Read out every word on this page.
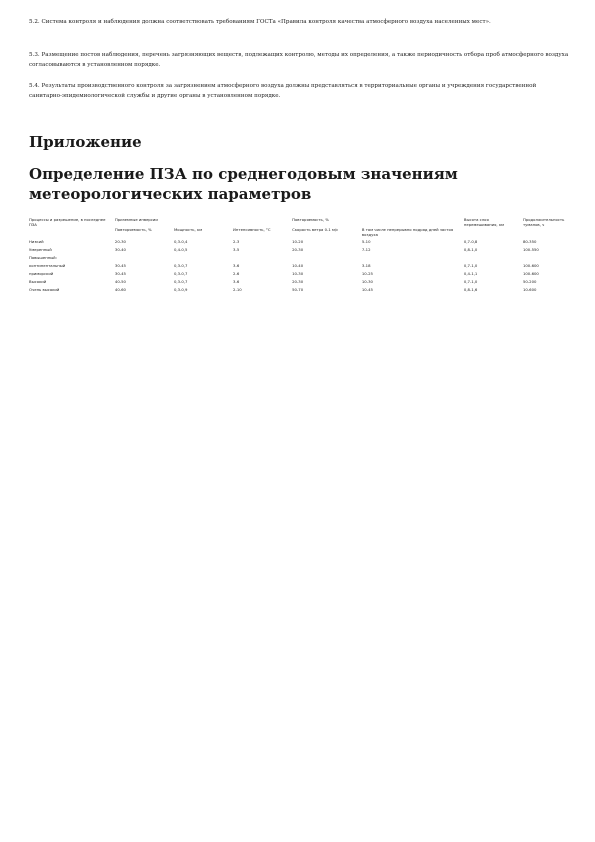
5.2. Система контроля и наблюдения должна соответствовать требованиям ГОСТа «Правила контроля качества атмосферного воздуха населенных мест».
5.3. Размещение постов наблюдения, перечень загрязняющих веществ, подлежащих контролю, методы их определения, а также периодичность отбора проб атмосферного воздуха согласовываются в установленном порядке.
5.4. Результаты производственного контроля за загрязнением атмосферного воздуха должны представляться в территориальные органы и учреждения государственной санитарно-эпидемиологической службы и другие органы в установленном порядке.
Приложение
Определение ПЗА по среднегодовым значениям метеорологических параметров
Процессы и разрешение, в последнее ПЗА	Приземные инверсии			Повторяемость, %		Высота слоя перемешивания, км	Продолжительность туманов, ч
	Повторяемость, %	Мощность, км	Интенсивность, °С	Скорость ветра 0-1 м/с	В том числе непрерывно подряд дней застоя воздуха		
Низкий	20-30	0,3-0,4	2-3	10-20	5-10	0,7-0,8	80-350
Умеренный	30-40	0,4-0,5	3-5	20-30	7-12	0,8-1,0	100-550
Повышенный:							
континентальный	30-45	0,3-0,7	3-6	10-40	3-18	0,7-1,0	100-600
приморский	30-45	0,3-0,7	2-6	10-30	10-25	0,4-1,1	100-600
Высокий	40-50	0,3-0,7	3-6	20-30	10-30	0,7-1,0	50-200
Очень высокий	40-60	0,3-0,9	2-10	50-70	10-45	0,8-1,6	10-600
